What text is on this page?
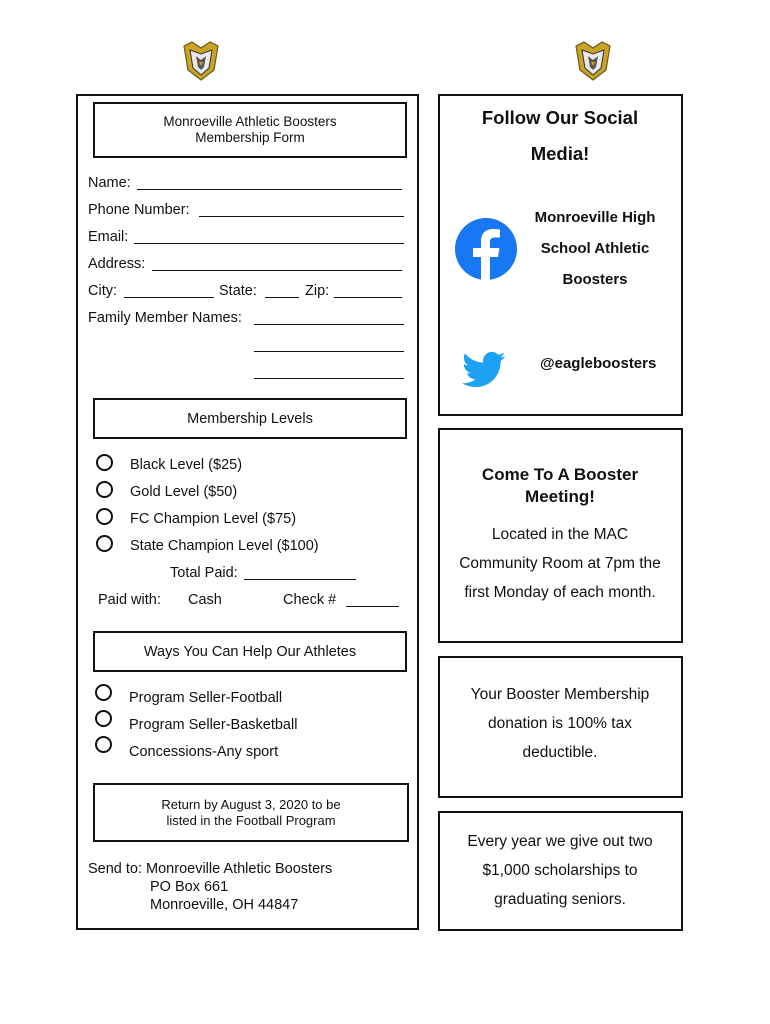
Monroeville Athletic Boosters
Membership Form
Name:
Phone Number:
Email:
Address:
City:	State:	Zip:
Family Member Names:
Membership Levels
Black Level ($25)
Gold Level ($50)
FC Champion Level ($75)
State Champion Level ($100)
Total Paid:
Paid with: Cash	Check #
Ways You Can Help Our Athletes
Program Seller-Football
Program Seller-Basketball
Concessions-Any sport
Return by August 3, 2020 to be
listed in the Football Program
Send to: Monroeville Athletic Boosters
PO Box 661
Monroeville, OH 44847
Follow Our Social
Media!
Monroeville High
School Athletic
Boosters
@eagleboosters
Come To A Booster
Meeting!
Located in the MAC
Community Room at 7pm the
first Monday of each month.
Your Booster Membership
donation is 100% tax
deductible.
Every year we give out two
$1,000 scholarships to
graduating seniors.
